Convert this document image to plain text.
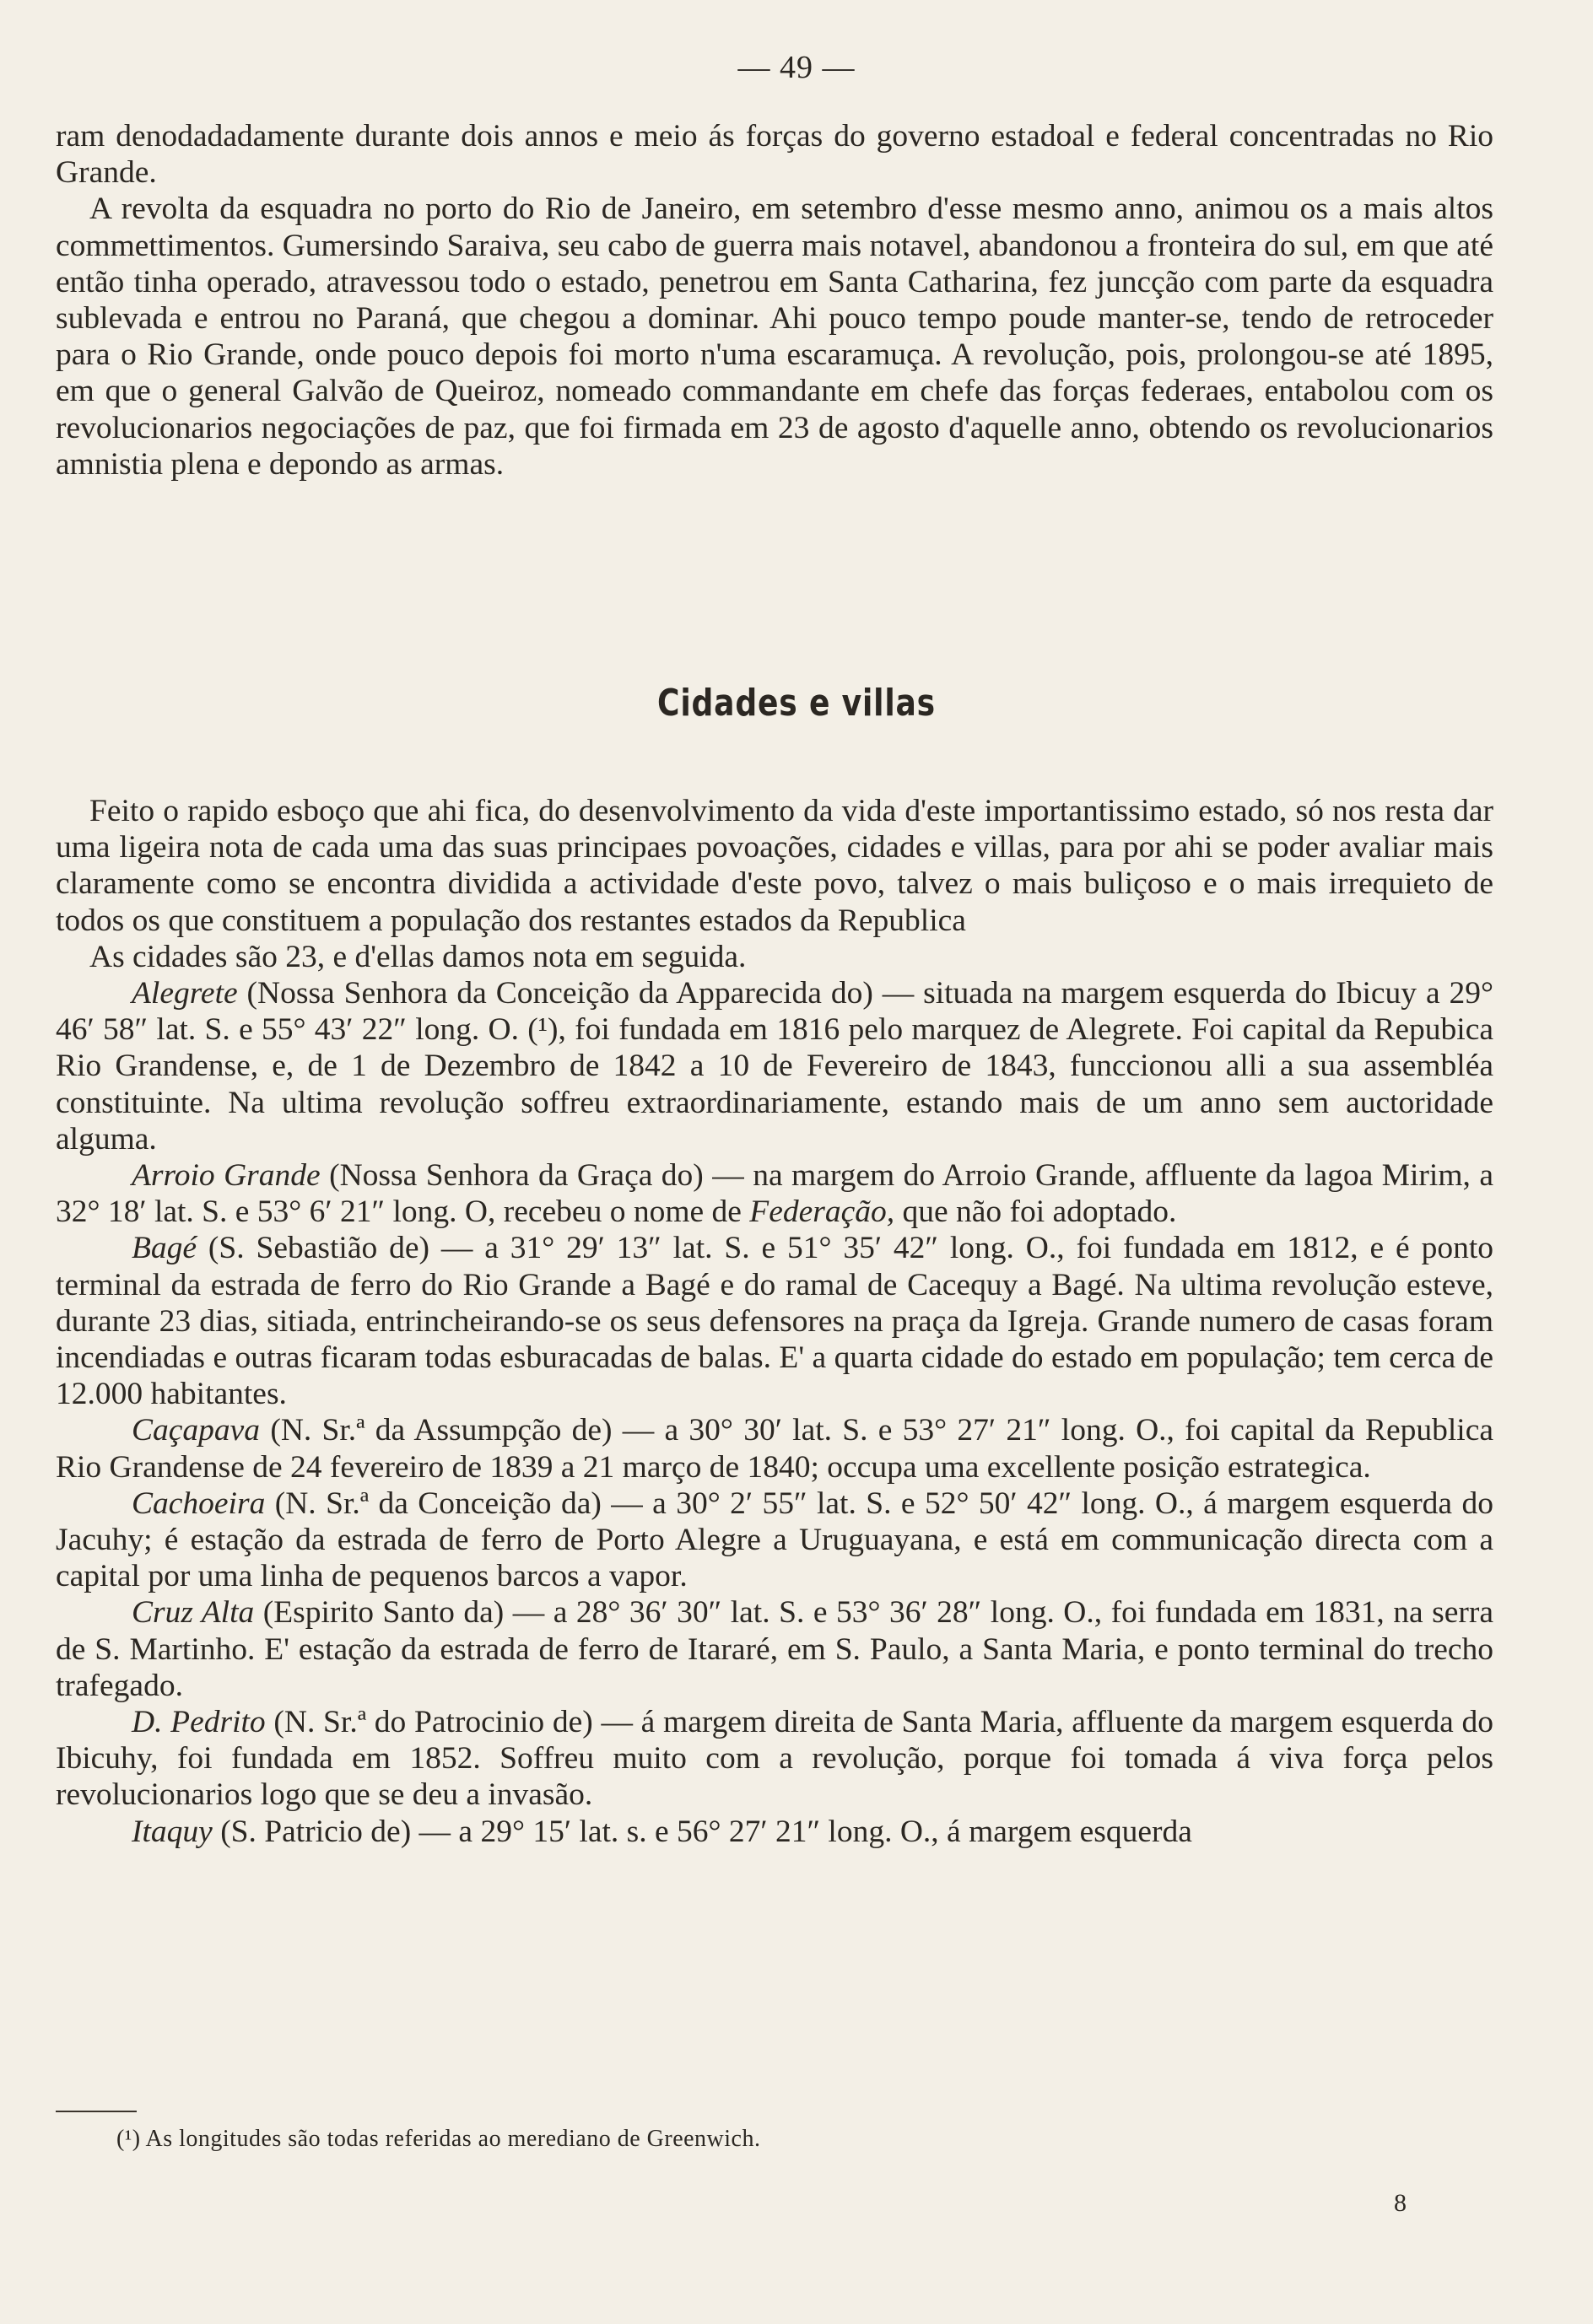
— 49 —

ram denodadadamente durante dois annos e meio ás forças do governo estadoal e federal concentradas no Rio Grande.

A revolta da esquadra no porto do Rio de Janeiro, em setembro d'esse mesmo anno, animou os a mais altos commettimentos. Gumersindo Saraiva, seu cabo de guerra mais notavel, abandonou a fronteira do sul, em que até então tinha operado, atravessou todo o estado, penetrou em Santa Catharina, fez juncção com parte da esquadra sublevada e entrou no Paraná, que chegou a dominar. Ahi pouco tempo poude manter-se, tendo de retroceder para o Rio Grande, onde pouco depois foi morto n'uma escaramuça. A revolução, pois, prolongou-se até 1895, em que o general Galvão de Queiroz, nomeado commandante em chefe das forças federaes, entabolou com os revolucionarios negociações de paz, que foi firmada em 23 de agosto d'aquelle anno, obtendo os revolucionarios amnistia plena e depondo as armas.

Cidades e villas

Feito o rapido esboço que ahi fica, do desenvolvimento da vida d'este importantissimo estado, só nos resta dar uma ligeira nota de cada uma das suas principaes povoações, cidades e villas, para por ahi se poder avaliar mais claramente como se encontra dividida a actividade d'este povo, talvez o mais buliçoso e o mais irrequieto de todos os que constituem a população dos restantes estados da Republica

As cidades são 23, e d'ellas damos nota em seguida.

Alegrete (Nossa Senhora da Conceição da Apparecida do) — situada na margem esquerda do Ibicuy a 29° 46′ 58″ lat. S. e 55° 43′ 22″ long. O. (¹), foi fundada em 1816 pelo marquez de Alegrete. Foi capital da Repubica Rio Grandense, e, de 1 de Dezembro de 1842 a 10 de Fevereiro de 1843, funccionou alli a sua assembléa constituinte. Na ultima revolução soffreu extraordinariamente, estando mais de um anno sem auctoridade alguma.

Arroio Grande (Nossa Senhora da Graça do) — na margem do Arroio Grande, affluente da lagoa Mirim, a 32° 18′ lat. S. e 53° 6′ 21″ long. O, recebeu o nome de Federação, que não foi adoptado.

Bagé (S. Sebastião de) — a 31° 29′ 13″ lat. S. e 51° 35′ 42″ long. O., foi fundada em 1812, e é ponto terminal da estrada de ferro do Rio Grande a Bagé e do ramal de Cacequy a Bagé. Na ultima revolução esteve, durante 23 dias, sitiada, entrincheirando-se os seus defensores na praça da Igreja. Grande numero de casas foram incendiadas e outras ficaram todas esburacadas de balas. E' a quarta cidade do estado em população; tem cerca de 12.000 habitantes.

Caçapava (N. Sr.ª da Assumpção de) — a 30° 30′ lat. S. e 53° 27′ 21″ long. O., foi capital da Republica Rio Grandense de 24 fevereiro de 1839 a 21 março de 1840; occupa uma excellente posição estrategica.

Cachoeira (N. Sr.ª da Conceição da) — a 30° 2′ 55″ lat. S. e 52° 50′ 42″ long. O., á margem esquerda do Jacuhy; é estação da estrada de ferro de Porto Alegre a Uruguayana, e está em communicação directa com a capital por uma linha de pequenos barcos a vapor.

Cruz Alta (Espirito Santo da) — a 28° 36′ 30″ lat. S. e 53° 36′ 28″ long. O., foi fundada em 1831, na serra de S. Martinho. E' estação da estrada de ferro de Itararé, em S. Paulo, a Santa Maria, e ponto terminal do trecho trafegado.

D. Pedrito (N. Sr.ª do Patrocinio de) — á margem direita de Santa Maria, affluente da margem esquerda do Ibicuhy, foi fundada em 1852. Soffreu muito com a revolução, porque foi tomada á viva força pelos revolucionarios logo que se deu a invasão.

Itaquy (S. Patricio de) — a 29° 15′ lat. s. e 56° 27′ 21″ long. O., á margem esquerda

(¹) As longitudes são todas referidas ao merediano de Greenwich.
8
